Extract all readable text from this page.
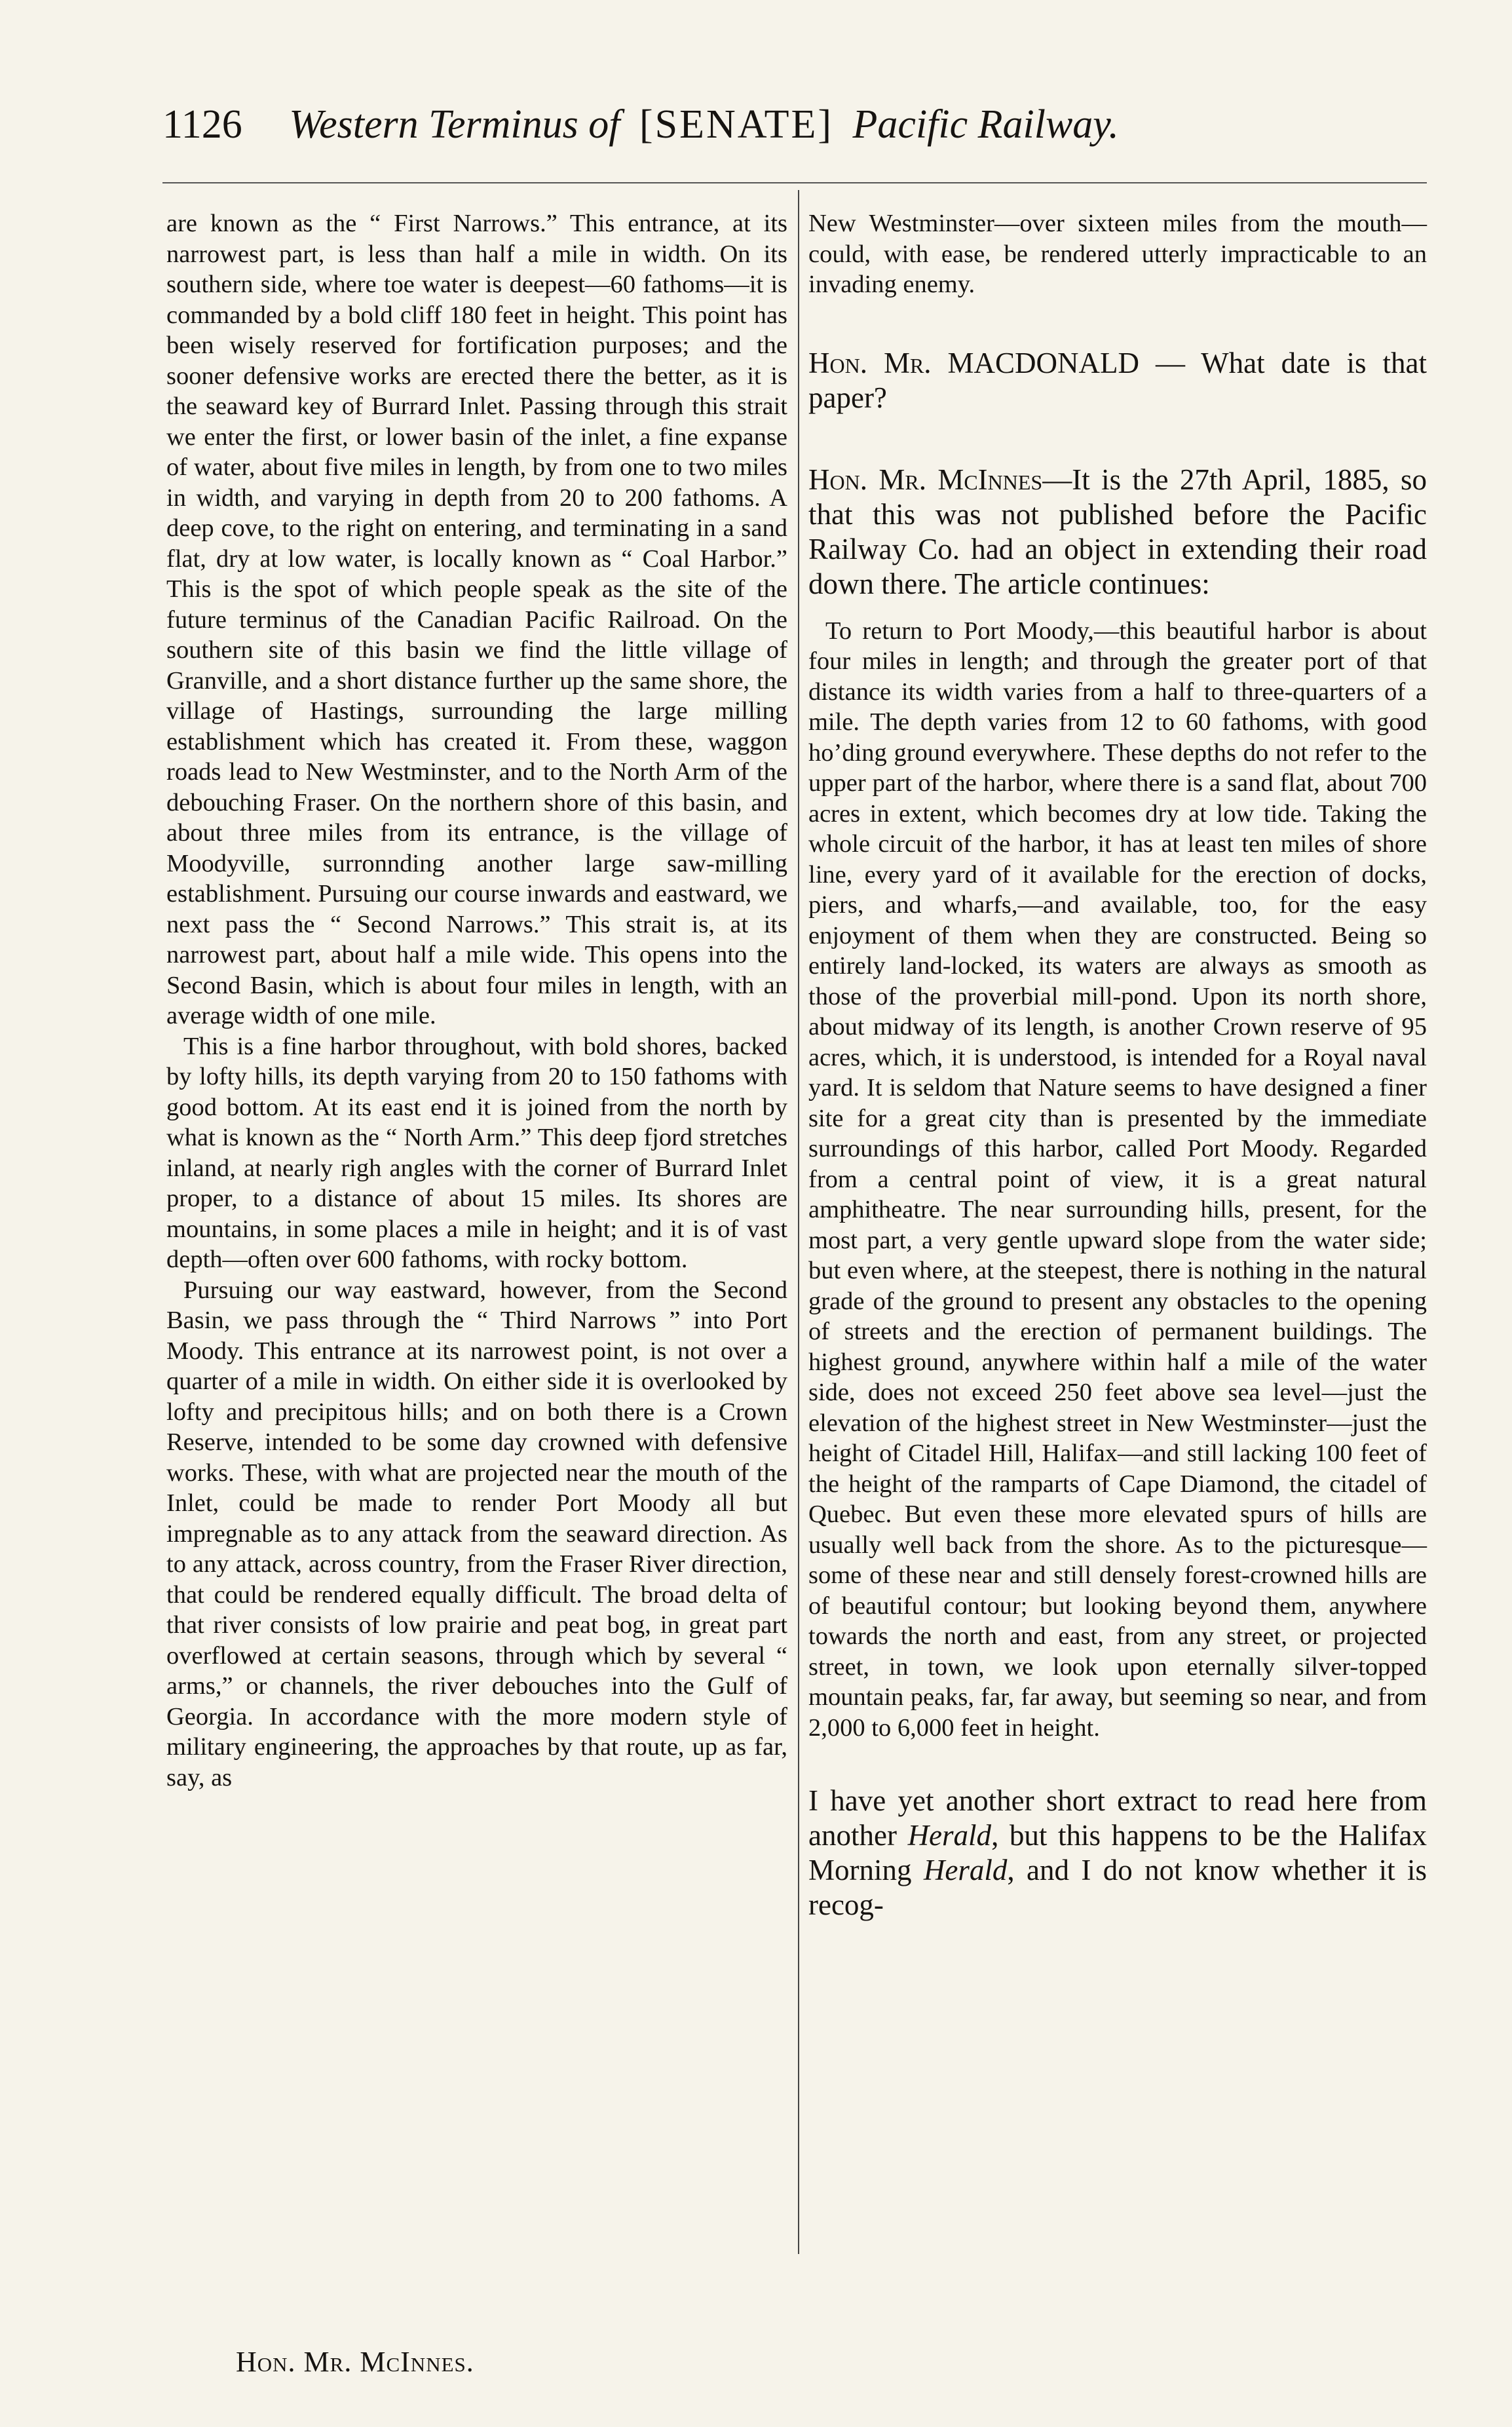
1126 Western Terminus of [SENATE] Pacific Railway.

are known as the “ First Narrows.” This entrance, at its narrowest part, is less than half a mile in width. On its southern side, where toe water is deepest—60 fathoms—it is commanded by a bold cliff 180 feet in height. This point has been wisely reserved for fortification purposes; and the sooner defensive works are erected there the better, as it is the seaward key of Burrard Inlet. Passing through this strait we enter the first, or lower basin of the inlet, a fine expanse of water, about five miles in length, by from one to two miles in width, and varying in depth from 20 to 200 fathoms. A deep cove, to the right on entering, and terminating in a sand flat, dry at low water, is locally known as “ Coal Harbor.” This is the spot of which people speak as the site of the future terminus of the Canadian Pacific Railroad. On the southern site of this basin we find the little village of Granville, and a short distance further up the same shore, the village of Hastings, surrounding the large milling establishment which has created it. From these, waggon roads lead to New Westminster, and to the North Arm of the debouching Fraser. On the northern shore of this basin, and about three miles from its entrance, is the village of Moodyville, surronnding another large saw-milling establishment. Pursuing our course inwards and eastward, we next pass the “ Second Narrows.” This strait is, at its narrowest part, about half a mile wide. This opens into the Second Basin, which is about four miles in length, with an average width of one mile.

This is a fine harbor throughout, with bold shores, backed by lofty hills, its depth varying from 20 to 150 fathoms with good bottom. At its east end it is joined from the north by what is known as the “ North Arm.” This deep fjord stretches inland, at nearly righ angles with the corner of Burrard Inlet proper, to a distance of about 15 miles. Its shores are mountains, in some places a mile in height; and it is of vast depth—often over 600 fathoms, with rocky bottom.

Pursuing our way eastward, however, from the Second Basin, we pass through the “ Third Narrows ” into Port Moody. This entrance at its narrowest point, is not over a quarter of a mile in width. On either side it is overlooked by lofty and precipitous hills; and on both there is a Crown Reserve, intended to be some day crowned with defensive works. These, with what are projected near the mouth of the Inlet, could be made to render Port Moody all but impregnable as to any attack from the seaward direction. As to any attack, across country, from the Fraser River direction, that could be rendered equally difficult. The broad delta of that river consists of low prairie and peat bog, in great part overflowed at certain seasons, through which by several “ arms,” or channels, the river debouches into the Gulf of Georgia. In accordance with the more modern style of military engineering, the approaches by that route, up as far, say, as

New Westminster—over sixteen miles from the mouth—could, with ease, be rendered utterly impracticable to an invading enemy.

Hon. Mr. MACDONALD — What date is that paper?

Hon. Mr. McInnes—It is the 27th April, 1885, so that this was not published before the Pacific Railway Co. had an object in extending their road down there. The article continues:

To return to Port Moody,—this beautiful harbor is about four miles in length; and through the greater port of that distance its width varies from a half to three-quarters of a mile. The depth varies from 12 to 60 fathoms, with good ho’ding ground everywhere. These depths do not refer to the upper part of the harbor, where there is a sand flat, about 700 acres in extent, which becomes dry at low tide. Taking the whole circuit of the harbor, it has at least ten miles of shore line, every yard of it available for the erection of docks, piers, and wharfs,—and available, too, for the easy enjoyment of them when they are constructed. Being so entirely land-locked, its waters are always as smooth as those of the proverbial mill-pond. Upon its north shore, about midway of its length, is another Crown reserve of 95 acres, which, it is understood, is intended for a Royal naval yard. It is seldom that Nature seems to have designed a finer site for a great city than is presented by the immediate surroundings of this harbor, called Port Moody. Regarded from a central point of view, it is a great natural amphitheatre. The near surrounding hills, present, for the most part, a very gentle upward slope from the water side; but even where, at the steepest, there is nothing in the natural grade of the ground to present any obstacles to the opening of streets and the erection of permanent buildings. The highest ground, anywhere within half a mile of the water side, does not exceed 250 feet above sea level—just the elevation of the highest street in New Westminster—just the height of Citadel Hill, Halifax—and still lacking 100 feet of the height of the ramparts of Cape Diamond, the citadel of Quebec. But even these more elevated spurs of hills are usually well back from the shore. As to the picturesque—some of these near and still densely forest-crowned hills are of beautiful contour; but looking beyond them, anywhere towards the north and east, from any street, or projected street, in town, we look upon eternally silver-topped mountain peaks, far, far away, but seeming so near, and from 2,000 to 6,000 feet in height.

I have yet another short extract to read here from another Herald, but this happens to be the Halifax Morning Herald, and I do not know whether it is recog-

Hon. Mr. McInnes.
